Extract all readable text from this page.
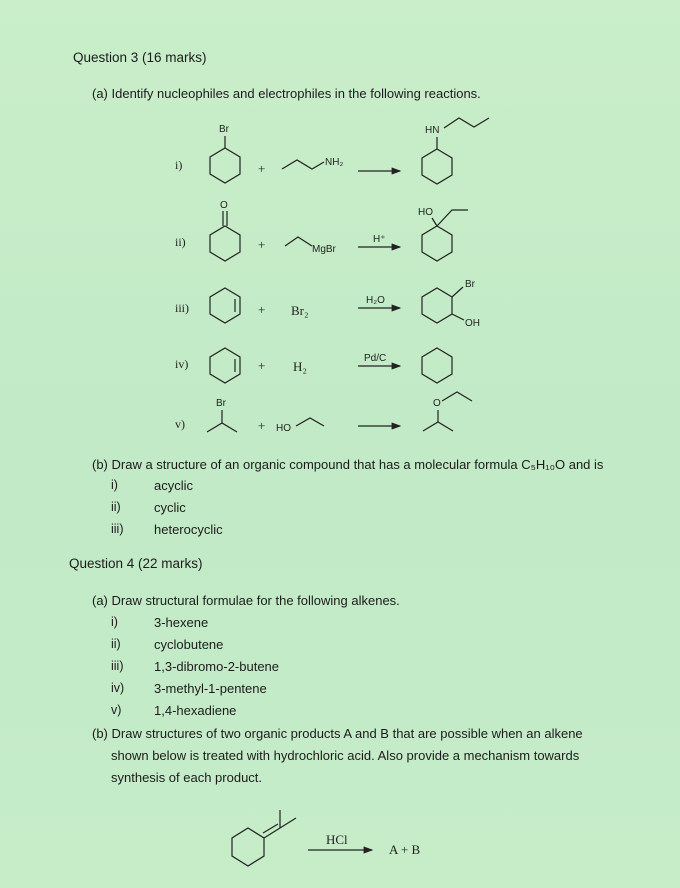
Question 3 (16 marks)
(a) Identify nucleophiles and electrophiles in the following reactions.
i)
Br
+	NH₂
HN
ii)
O
+	MgBr
H⁺
HO
iii)	+ Br₂
H₂O
Br
OH
iv)	+ H₂
Pd/C
v)
Br
+ HO
O
(b) Draw a structure of an organic compound that has a molecular formula C₅H₁₀O and is
i)	acyclic
ii)	cyclic
iii) heterocyclic
Question 4 (22 marks)
(a) Draw structural formulae for the following alkenes.
i)	3-hexene
ii)	cyclobutene
iii) 1,3-dibromo-2-butene
iv) 3-methyl-1-pentene
v)	1,4-hexadiene
(b) Draw structures of two organic products A and B that are possible when an alkene
shown below is treated with hydrochloric acid. Also provide a mechanism towards
synthesis of each product.
HCl
A + B
